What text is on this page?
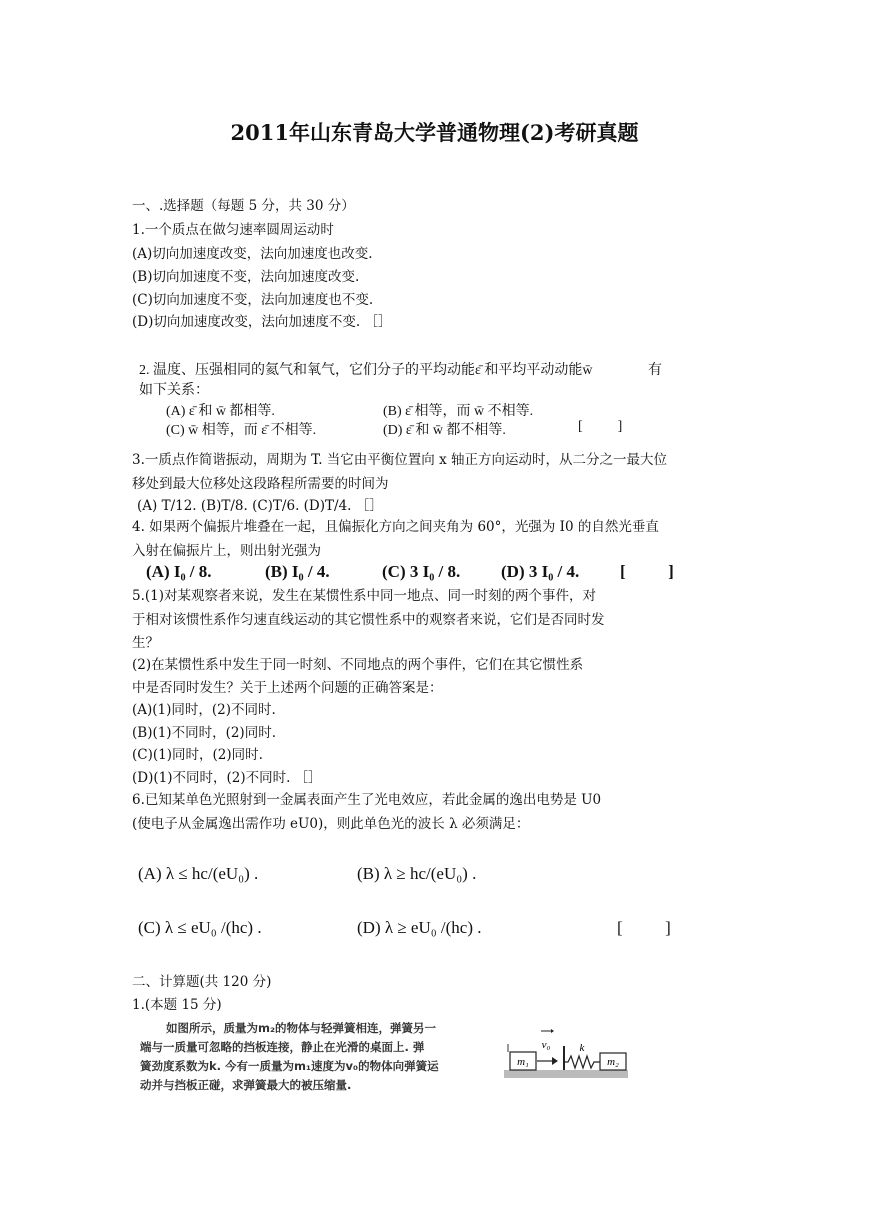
2011年山东青岛大学普通物理(2)考研真题
一、.选择题（每题 5 分，共 30 分）
1.一个质点在做匀速率圆周运动时
(A)切向加速度改变，法向加速度也改变.
(B)切向加速度不变，法向加速度改变.
(C)切向加速度不变，法向加速度也不变.
(D)切向加速度改变，法向加速度不变. ［］
2. 温度、压强相同的氦气和氧气，它们分子的平均动能ε̄ 和平均平动动能w̄	有
如下关系：
(A) ε̄ 和 w̄ 都相等.	(B) ε̄ 相等，而 w̄ 不相等.
(C) w̄ 相等，而 ε̄ 不相等.	(D) ε̄ 和 w̄ 都不相等.	[          ]
3.一质点作简谐振动，周期为 T. 当它由平衡位置向 x 轴正方向运动时，从二分之一最大位
移处到最大位移处这段路程所需要的时间为
(A) T/12. (B)T/8. (C)T/6. (D)T/4. ［］
4. 如果两个偏振片堆叠在一起，且偏振化方向之间夹角为 60°，光强为 I0 的自然光垂直
入射在偏振片上，则出射光强为
(A) I₀ / 8.	(B) I₀ / 4.	(C) 3 I₀ / 8. (D) 3 I₀ / 4. [          ]
5.(1)对某观察者来说，发生在某惯性系中同一地点、同一时刻的两个事件，对
于相对该惯性系作匀速直线运动的其它惯性系中的观察者来说，它们是否同时发
生？
(2)在某惯性系中发生于同一时刻、不同地点的两个事件，它们在其它惯性系
中是否同时发生？关于上述两个问题的正确答案是：
(A)(1)同时，(2)不同时.
(B)(1)不同时，(2)同时.
(C)(1)同时，(2)同时.
(D)(1)不同时，(2)不同时. ［］
6.已知某单色光照射到一金属表面产生了光电效应，若此金属的逸出电势是 U0
(使电子从金属逸出需作功 eU0)，则此单色光的波长 λ 必须满足：
(A) λ ≤ hc/(eU₀) .	(B) λ ≥ hc/(eU₀) .
(C) λ ≤ eU₀ /(hc) .	(D) λ ≥ eU₀ /(hc) .	[          ]
二、计算题(共 120 分)
1.(本题 15 分)
如图所示，质量为m₂的物体与轻弹簧相连，弹簧另一
端与一质量可忽略的挡板连接，静止在光滑的桌面上. 弹
簧劲度系数为k. 今有一质量为m₁速度为v₀的物体向弹簧运
动并与挡板正碰，求弹簧最大的被压缩量.
m₁
v₀	k
m₂
